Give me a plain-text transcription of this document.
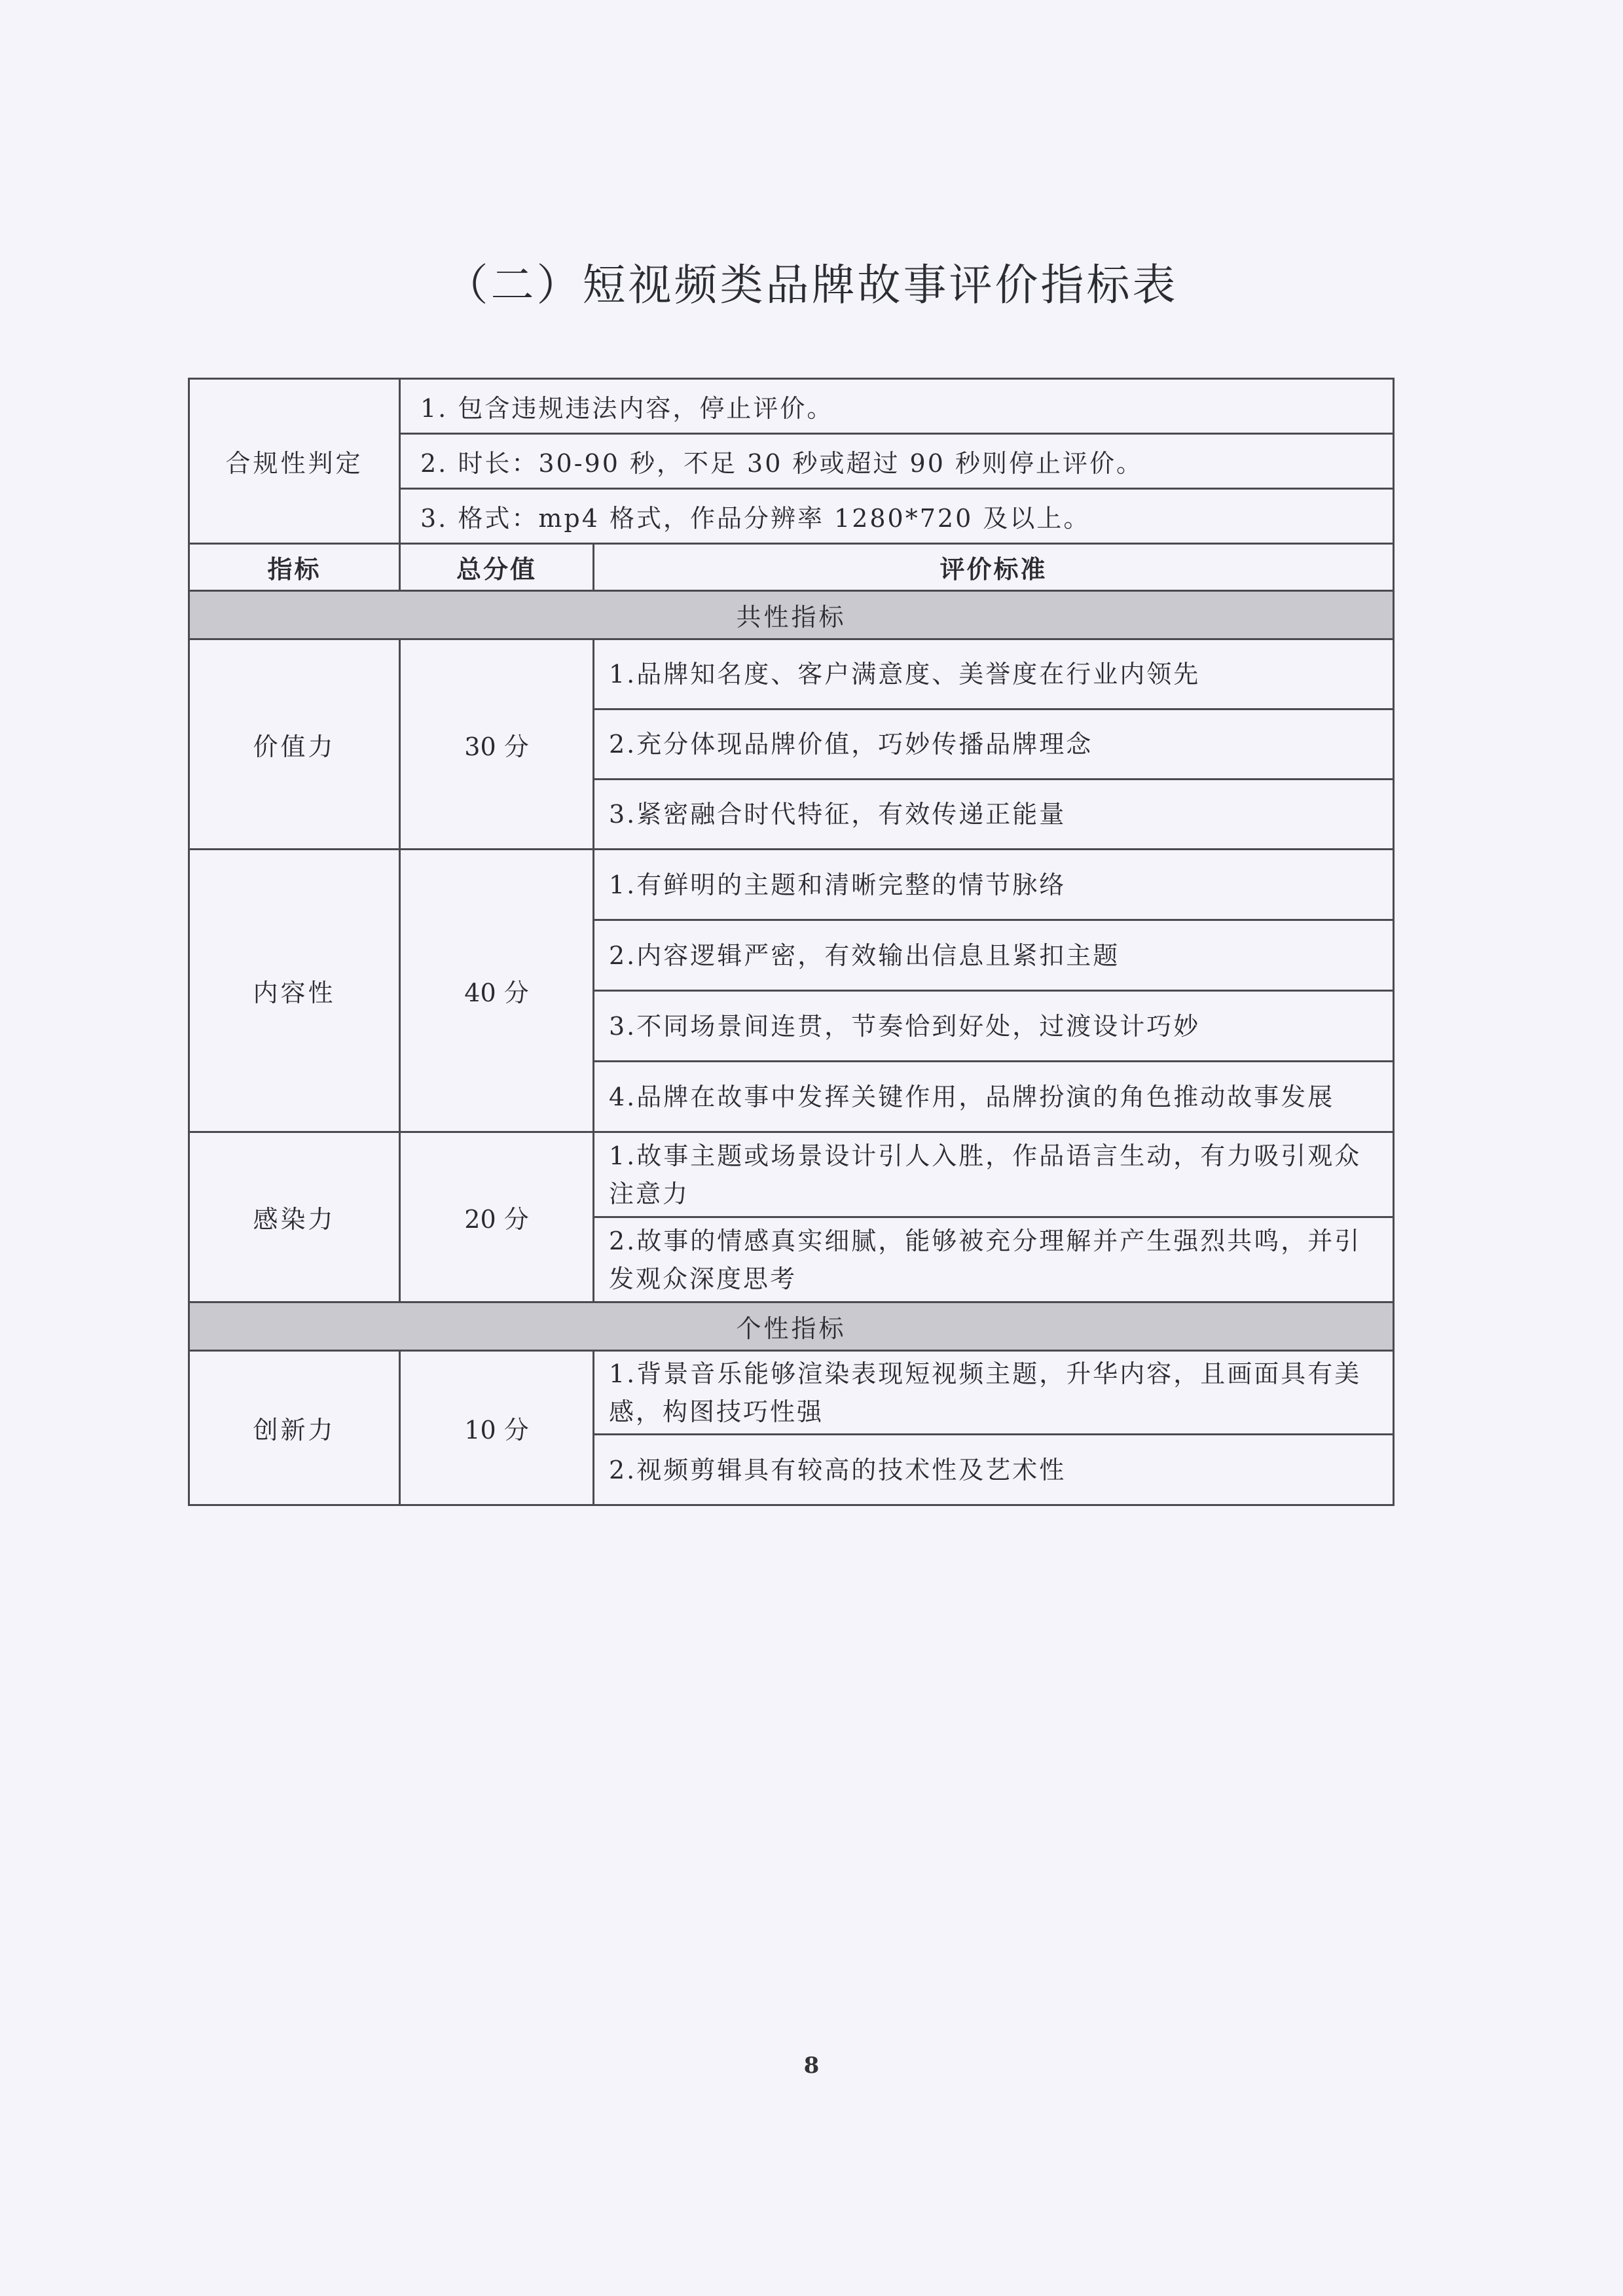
（二）短视频类品牌故事评价指标表
合规性判定	1. 包含违规违法内容，停止评价。	
	2. 时长：30-90 秒，不足 30 秒或超过 90 秒则停止评价。	
	3. 格式：mp4 格式，作品分辨率 1280*720 及以上。	
指标	总分值	评价标准
共性指标		
价值力	30 分	1.品牌知名度、客户满意度、美誉度在行业内领先
		2.充分体现品牌价值，巧妙传播品牌理念
		3.紧密融合时代特征，有效传递正能量
内容性	40 分	1.有鲜明的主题和清晰完整的情节脉络
		2.内容逻辑严密，有效输出信息且紧扣主题
		3.不同场景间连贯，节奏恰到好处，过渡设计巧妙
		4.品牌在故事中发挥关键作用，品牌扮演的角色推动故事发展
感染力	20 分	1.故事主题或场景设计引人入胜，作品语言生动，有力吸引观众注意力
		2.故事的情感真实细腻，能够被充分理解并产生强烈共鸣，并引发观众深度思考
个性指标		
创新力	10 分	1.背景音乐能够渲染表现短视频主题，升华内容，且画面具有美感，构图技巧性强
		2.视频剪辑具有较高的技术性及艺术性
8
